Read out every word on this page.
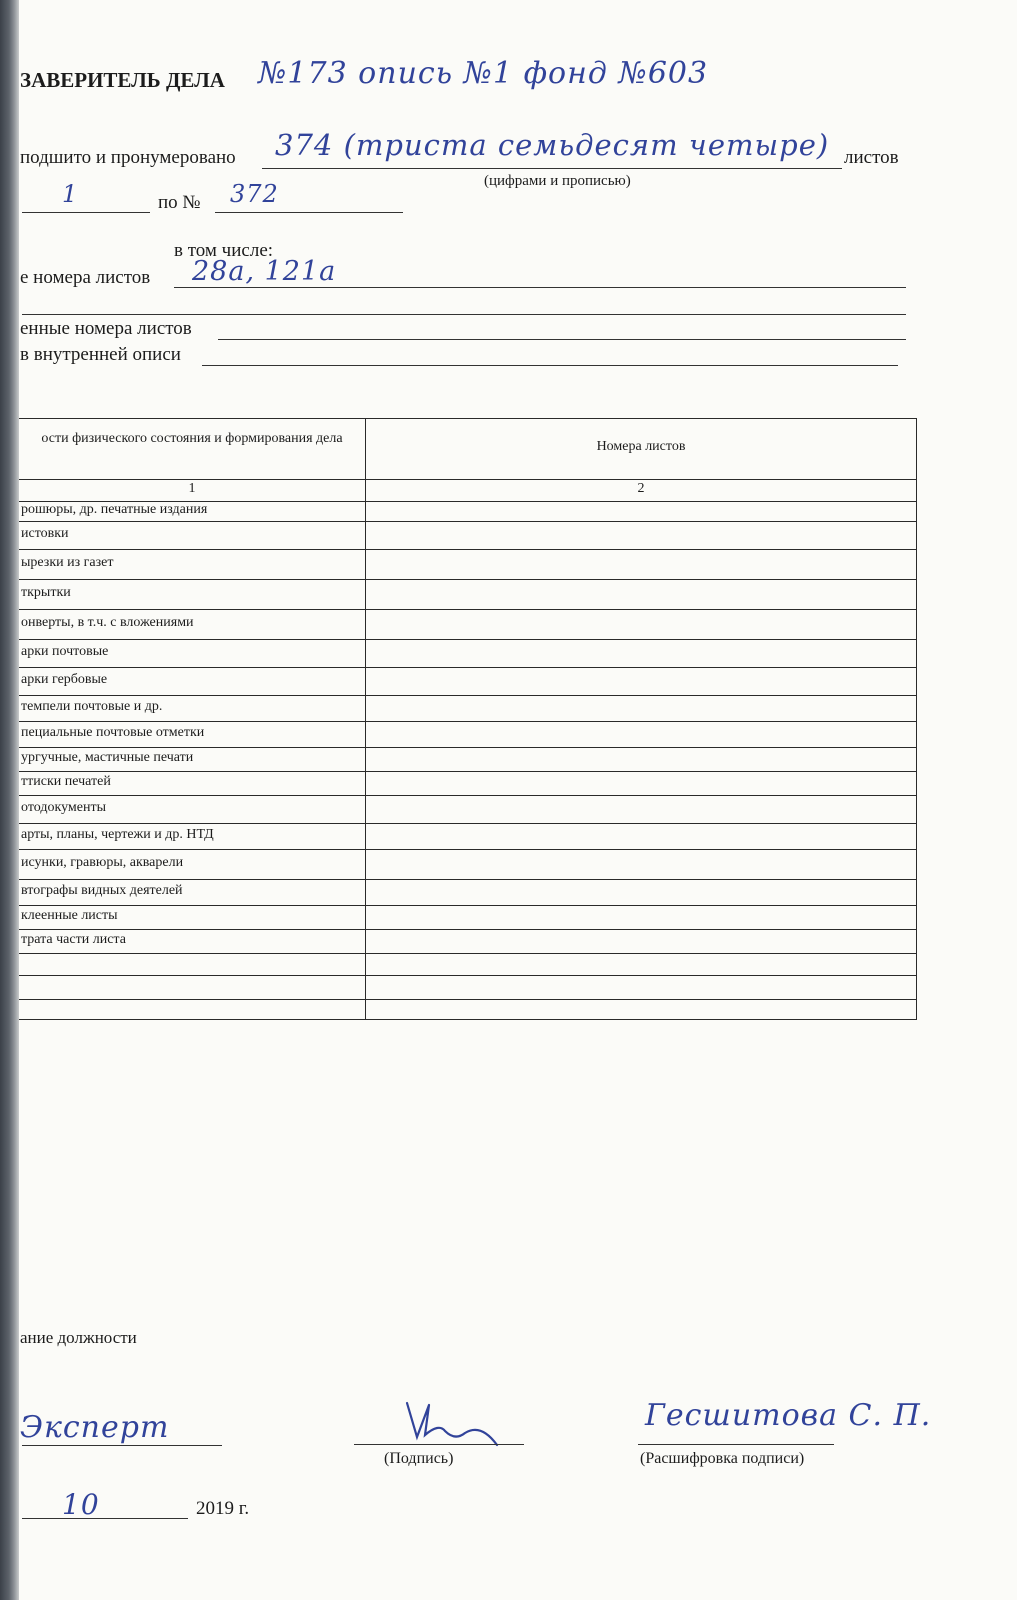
ЗАВЕРИТЕЛЬ ДЕЛА №173 опись №1 фонд №603
подшито и пронумеровано 374 (триста семьдесят четыре) листов
(цифрами и прописью)
1	по № 372
в том числе:
е номера листов 28а, 121а
енные номера листов
в внутренней описи
ости физического состояния и формирования дела
Номера листов
1	2
рошюры, др. печатные издания
истовки
ырезки из газет
ткрытки
онверты, в т.ч. с вложениями
арки почтовые
арки гербовые
темпели почтовые и др.
пециальные почтовые отметки
ургучные, мастичные печати
ттиски печатей
отодокументы
арты, планы, чертежи и др. НТД
исунки, гравюры, акварели
втографы видных деятелей
клеенные листы
трата части листа
ание должности
Эксперт
(Подпись)
Гесшитова С. П.
(Расшифровка подписи)
10	2019 г.
